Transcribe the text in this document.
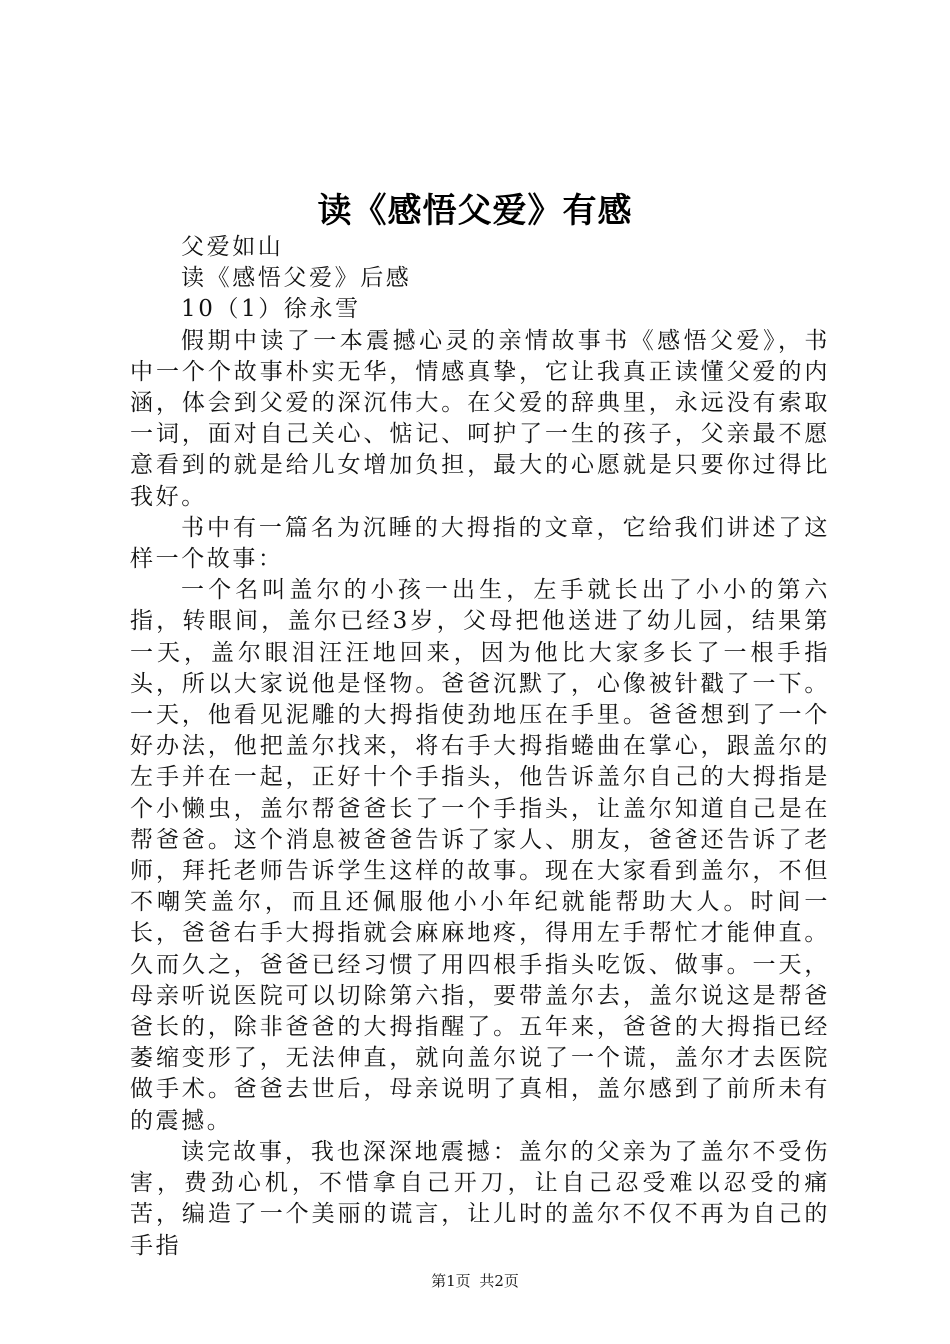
读《感悟父爱》有感

父爱如山

读《感悟父爱》后感

10（1）徐永雪

假期中读了一本震撼心灵的亲情故事书《感悟父爱》，书中一个个故事朴实无华，情感真挚，它让我真正读懂父爱的内涵，体会到父爱的深沉伟大。在父爱的辞典里，永远没有索取一词，面对自己关心、惦记、呵护了一生的孩子，父亲最不愿意看到的就是给儿女增加负担，最大的心愿就是只要你过得比我好。

书中有一篇名为沉睡的大拇指的文章，它给我们讲述了这样一个故事：

一个名叫盖尔的小孩一出生，左手就长出了小小的第六指，转眼间，盖尔已经3岁，父母把他送进了幼儿园，结果第一天，盖尔眼泪汪汪地回来，因为他比大家多长了一根手指头，所以大家说他是怪物。爸爸沉默了，心像被针戳了一下。一天，他看见泥雕的大拇指使劲地压在手里。爸爸想到了一个好办法，他把盖尔找来，将右手大拇指蜷曲在掌心，跟盖尔的左手并在一起，正好十个手指头，他告诉盖尔自己的大拇指是个小懒虫，盖尔帮爸爸长了一个手指头，让盖尔知道自己是在帮爸爸。这个消息被爸爸告诉了家人、朋友，爸爸还告诉了老师，拜托老师告诉学生这样的故事。现在大家看到盖尔，不但不嘲笑盖尔，而且还佩服他小小年纪就能帮助大人。时间一长，爸爸右手大拇指就会麻麻地疼，得用左手帮忙才能伸直。久而久之，爸爸已经习惯了用四根手指头吃饭、做事。一天，母亲听说医院可以切除第六指，要带盖尔去，盖尔说这是帮爸爸长的，除非爸爸的大拇指醒了。五年来，爸爸的大拇指已经萎缩变形了，无法伸直，就向盖尔说了一个谎，盖尔才去医院做手术。爸爸去世后，母亲说明了真相，盖尔感到了前所未有的震撼。

读完故事，我也深深地震撼：盖尔的父亲为了盖尔不受伤害，费劲心机，不惜拿自己开刀，让自己忍受难以忍受的痛苦，编造了一个美丽的谎言，让儿时的盖尔不仅不再为自己的手指

第1页 共2页
